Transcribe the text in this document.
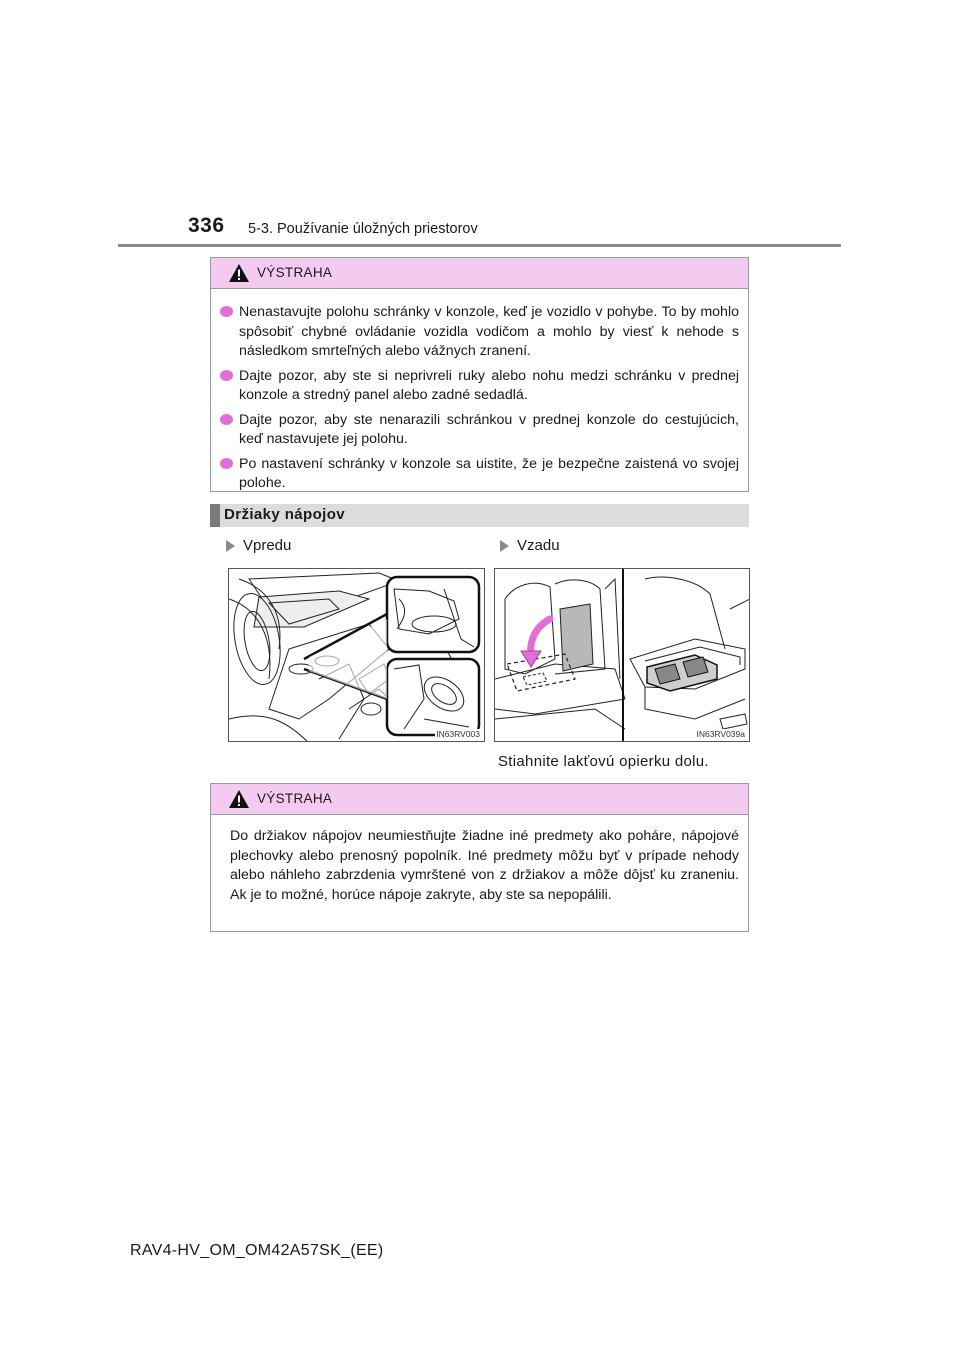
336 5-3. Používanie úložných priestorov
VÝSTRAHA
Nenastavujte polohu schránky v konzole, keď je vozidlo v pohybe. To by mohlo spôsobiť chybné ovládanie vozidla vodičom a mohlo by viesť k nehode s následkom smrteľných alebo vážnych zranení.
Dajte pozor, aby ste si neprivreli ruky alebo nohu medzi schránku v prednej konzole a stredný panel alebo zadné sedadlá.
Dajte pozor, aby ste nenarazili schránkou v prednej konzole do cestujúcich, keď nastavujete jej polohu.
Po nastavení schránky v konzole sa uistite, že je bezpečne zaistená vo svojej polohe.
Držiaky nápojov
Vpredu	Vzadu
IN63RV003	IN63RV039a
Stiahnite lakťovú opierku dolu.
VÝSTRAHA
Do držiakov nápojov neumiestňujte žiadne iné predmety ako poháre, nápojové plechovky alebo prenosný popolník. Iné predmety môžu byť v prípade nehody alebo náhleho zabrzdenia vymrštené von z držiakov a môže dôjsť ku zraneniu. Ak je to možné, horúce nápoje zakryte, aby ste sa nepopálili.
RAV4-HV_OM_OM42A57SK_(EE)
